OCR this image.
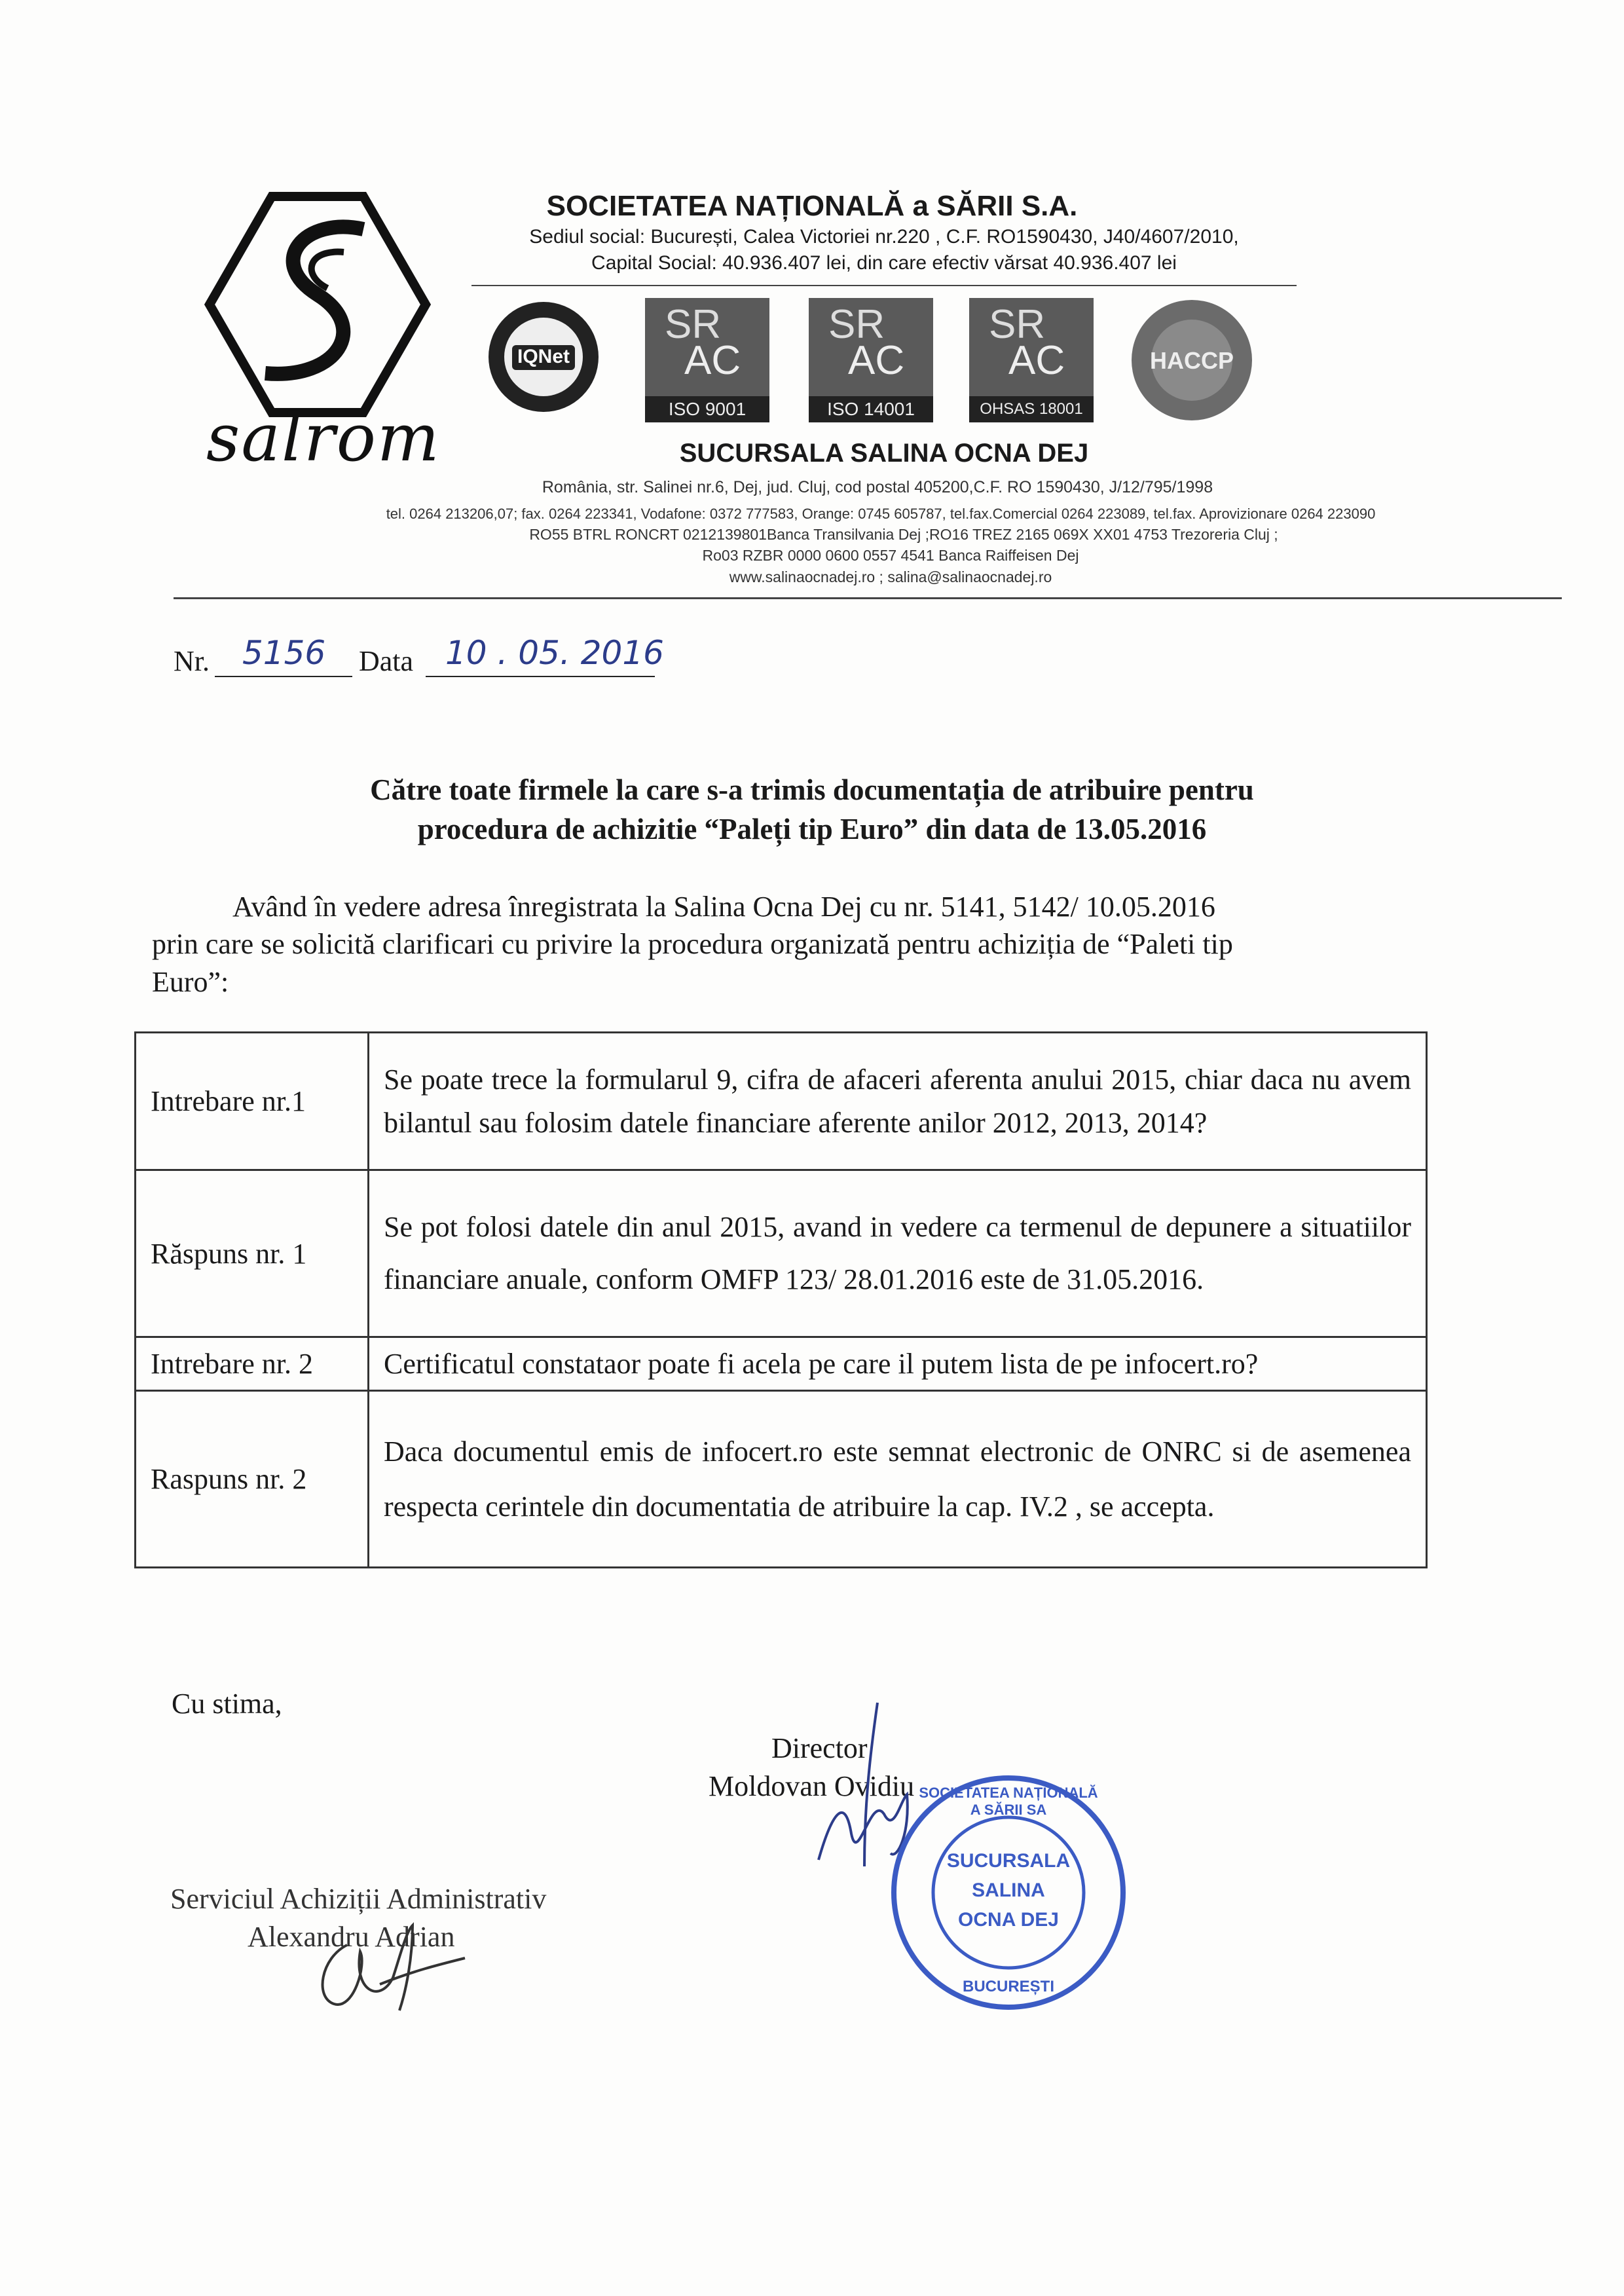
salrom
SOCIETATEA NAȚIONALĂ a SĂRII S.A.
Sediul social: București, Calea Victoriei nr.220 , C.F. RO1590430, J40/4607/2010,
Capital Social: 40.936.407 lei, din care efectiv vărsat 40.936.407 lei
IQNet
SR
AC
ISO 9001
SR
AC
ISO 14001
SR
AC
OHSAS 18001
HACCP
SUCURSALA SALINA OCNA DEJ
România, str. Salinei nr.6, Dej, jud. Cluj, cod postal 405200,C.F. RO 1590430, J/12/795/1998
tel. 0264 213206,07; fax. 0264 223341, Vodafone: 0372 777583, Orange: 0745 605787, tel.fax.Comercial 0264 223089, tel.fax. Aprovizionare 0264 223090
RO55 BTRL RONCRT 0212139801Banca Transilvania Dej ;RO16 TREZ 2165 069X XX01 4753 Trezoreria Cluj ;
Ro03 RZBR 0000 0600 0557 4541 Banca Raiffeisen Dej
www.salinaocnadej.ro ; salina@salinaocnadej.ro
Nr. 5156 Data 10 . 05. 2016
Către toate firmele la care s-a trimis documentația de atribuire pentru
procedura de achizitie “Paleți tip Euro” din data de 13.05.2016
Având în vedere adresa înregistrata la Salina Ocna Dej cu nr. 5141, 5142/ 10.05.2016
prin care se solicită clarificari cu privire la procedura organizată pentru achiziția de “Paleti tip
Euro”:
Intrebare nr.1	Se poate trece la formularul 9, cifra de afaceri aferenta anului 2015, chiar daca nu avem bilantul sau folosim datele financiare aferente anilor 2012, 2013, 2014?
Răspuns nr. 1	Se pot folosi datele din anul 2015, avand in vedere ca termenul de depunere a situatiilor financiare anuale, conform OMFP 123/ 28.01.2016 este de 31.05.2016.
Intrebare nr. 2	Certificatul constataor poate fi acela pe care il putem lista de pe infocert.ro?
Raspuns nr. 2	Daca documentul emis de infocert.ro este semnat electronic de ONRC si de asemenea respecta cerintele din documentatia de atribuire la cap. IV.2 , se accepta.
Cu stima,
Director
Moldovan Ovidiu
Serviciul Achiziții Administrativ
Alexandru Adrian
SOCIETATEA NAȚIONALĂ A SĂRII SA
SUCURSALA
SALINA
OCNA DEJ
BUCUREȘTI
